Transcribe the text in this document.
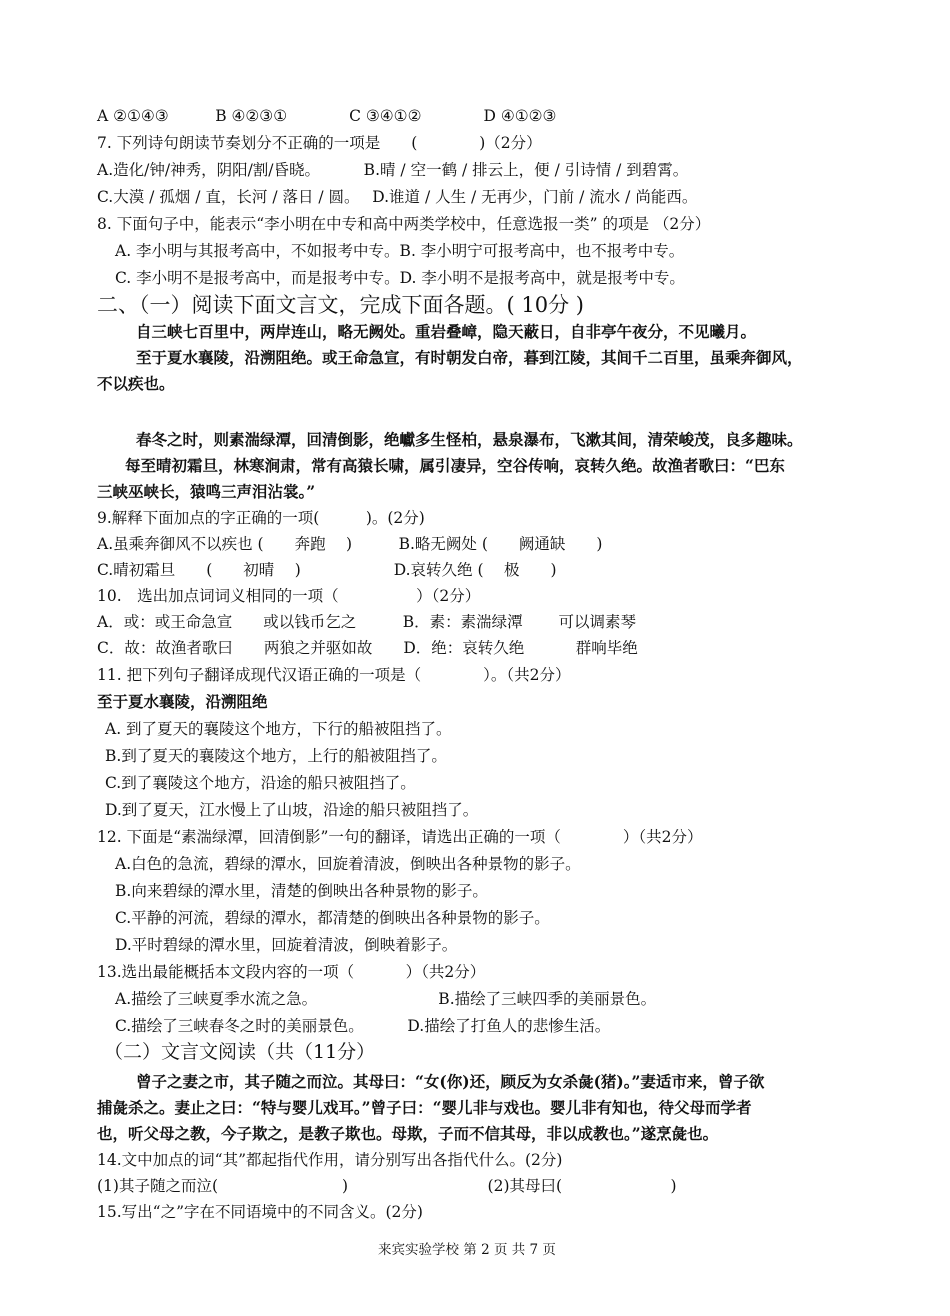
A ②①④③　　　B ④②③①　　　　C ③④①②　　　　D ④①②③
7. 下列诗句朗读节奏划分不正确的一项是　　(　　　　)（2分）
A.造化/钟/神秀，阴阳/割/昏晓。　　　 B.晴 / 空一鹤 / 排云上，便 / 引诗情 / 到碧霄。
C.大漠 / 孤烟 / 直，长河 / 落日 / 圆。　 D.谁道 / 人生 / 无再少，门前 / 流水 / 尚能西。
8. 下面句子中，能表示“李小明在中专和高中两类学校中，任意选报一类” 的项是 （2分）
A. 李小明与其报考高中，不如报考中专。B. 李小明宁可报考高中，也不报考中专。
C. 李小明不是报考高中，而是报考中专。D. 李小明不是报考高中，就是报考中专。
二、（一）阅读下面文言文，完成下面各题。( 10分 )
自三峡七百里中，两岸连山，略无阙处。重岩叠嶂，隐天蔽日，自非亭午夜分，不见曦月。
至于夏水襄陵，沿溯阻绝。或王命急宣，有时朝发白帝，暮到江陵，其间千二百里，虽乘奔御风，
不以疾也。
春冬之时，则素湍绿潭，回清倒影，绝巘多生怪柏，悬泉瀑布，飞漱其间，清荣峻茂，良多趣味。
每至晴初霜旦，林寒涧肃，常有高猿长啸，属引凄异，空谷传响，哀转久绝。故渔者歌曰：“巴东
三峡巫峡长，猿鸣三声泪沾裳。”
9.解释下面加点的字正确的一项(　　　)。(2分)
A.虽乘奔御风不以疾也 (　　奔跑　 )　　　B.略无阙处 (　　阙通缺　　)
C.晴初霜旦　　(　　初晴　 )　　　　　　D.哀转久绝 (　 极　　)
10.　选出加点词词义相同的一项（　　　　　）（2分）
A．或：或王命急宣　　或以钱币乞之　　　B．素：素湍绿潭　　 可以调素琴
C．故：故渔者歌曰　　两狼之并驱如故　　D．绝：哀转久绝　　　 群响毕绝
11. 把下列句子翻译成现代汉语正确的一项是（　　　　）。（共2分）
至于夏水襄陵，沿溯阻绝
A. 到了夏天的襄陵这个地方，下行的船被阻挡了。
B.到了夏天的襄陵这个地方，上行的船被阻挡了。
C.到了襄陵这个地方，沿途的船只被阻挡了。
D.到了夏天，江水慢上了山坡，沿途的船只被阻挡了。
12. 下面是“素湍绿潭，回清倒影”一句的翻译，请选出正确的一项（　　　　）（共2分）
A.白色的急流，碧绿的潭水，回旋着清波，倒映出各种景物的影子。
B.向来碧绿的潭水里，清楚的倒映出各种景物的影子。
C.平静的河流，碧绿的潭水，都清楚的倒映出各种景物的影子。
D.平时碧绿的潭水里，回旋着清波，倒映着影子。
13.选出最能概括本文段内容的一项（　　　 ）（共2分）
A.描绘了三峡夏季水流之急。　　　　　　　　 B.描绘了三峡四季的美丽景色。
C.描绘了三峡春冬之时的美丽景色。　　　 D.描绘了打鱼人的悲惨生活。
（二）文言文阅读（共（11分）
曾子之妻之市，其子随之而泣。其母曰：“女(你)还，顾反为女杀彘(猪)。”妻适市来，曾子欲
捕彘杀之。妻止之曰：“特与婴儿戏耳。”曾子曰：“婴儿非与戏也。婴儿非有知也，待父母而学者
也，听父母之教，今子欺之，是教子欺也。母欺，子而不信其母，非以成教也。”遂烹彘也。
14.文中加点的词“其”都起指代作用，请分别写出各指代什么。(2分)
(1)其子随之而泣(　　　　　　　　)　　　　　　　　　(2)其母曰(　　　　　　　)
15.写出“之”字在不同语境中的不同含义。(2分)
来宾实验学校 第 2 页 共 7 页
